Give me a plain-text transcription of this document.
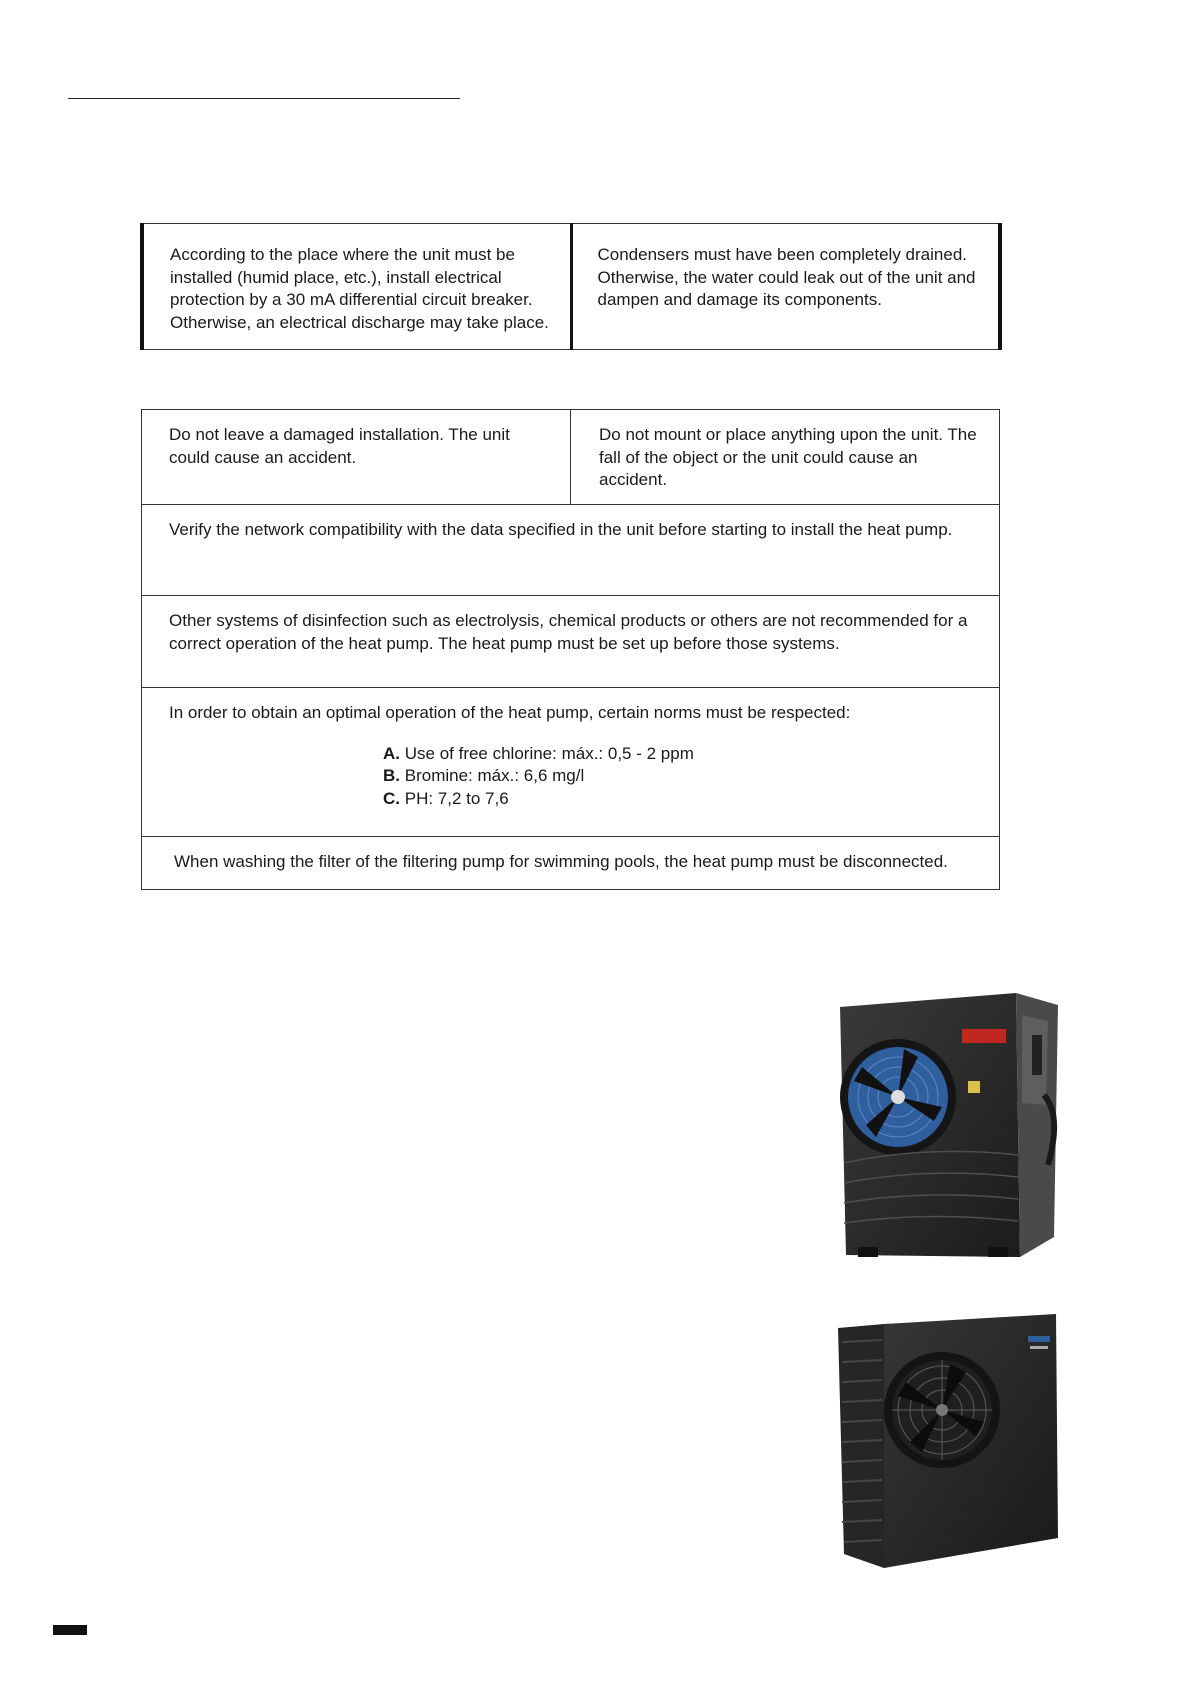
According to the place where the unit must be installed (humid place, etc.), install electrical protection by a 30 mA differential circuit breaker. Otherwise, an electrical discharge may take place.	Condensers must have been completely drained. Otherwise, the water could leak out of the unit and dampen and damage its components.
Do not leave a damaged installation. The unit could cause an accident.	Do not mount or place anything upon the unit. The fall of the object or the unit could cause an accident.
Verify the network compatibility with the data specified in the unit before starting to install the heat pump.
Other systems of disinfection such as electrolysis, chemical products or others are not recommended for a correct operation of the heat pump. The heat pump must be set up before those systems.

In order to obtain an optimal operation of the heat pump, certain norms must be respected:
A. Use of free chlorine: máx.: 0,5 - 2 ppm
B. Bromine: máx.: 6,6 mg/l
C. PH: 7,2 to 7,6

When washing the filter of the filtering pump for swimming pools, the heat pump must be disconnected.
